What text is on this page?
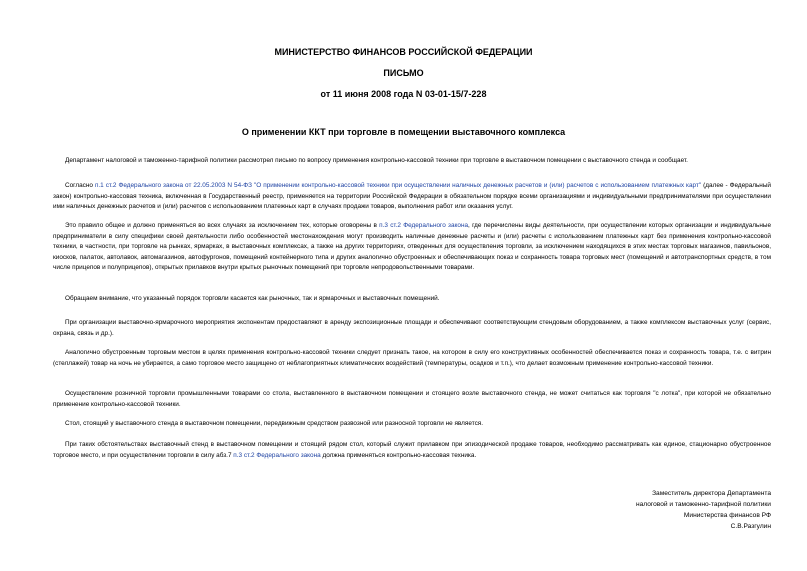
МИНИСТЕРСТВО ФИНАНСОВ РОССИЙСКОЙ ФЕДЕРАЦИИ
ПИСЬМО
от 11 июня 2008 года N 03-01-15/7-228
О применении ККТ при торговле в помещении выставочного комплекса
Департамент налоговой и таможенно-тарифной политики рассмотрел письмо по вопросу применения контрольно-кассовой техники при торговле в выставочном помещении с выставочного стенда и сообщает.
Согласно п.1 ст.2 Федерального закона от 22.05.2003 N 54-ФЗ "О применении контрольно-кассовой техники при осуществлении наличных денежных расчетов и (или) расчетов с использованием платежных карт" (далее - Федеральный закон) контрольно-кассовая техника, включенная в Государственный реестр, применяется на территории Российской Федерации в обязательном порядке всеми организациями и индивидуальными предпринимателями при осуществлении ими наличных денежных расчетов и (или) расчетов с использованием платежных карт в случаях продажи товаров, выполнения работ или оказания услуг.
Это правило общее и должно применяться во всех случаях за исключением тех, которые оговорены в п.3 ст.2 Федерального закона, где перечислены виды деятельности, при осуществлении которых организации и индивидуальные предприниматели в силу специфики своей деятельности либо особенностей местонахождения могут производить наличные денежные расчеты и (или) расчеты с использованием платежных карт без применения контрольно-кассовой техники, в частности, при торговле на рынках, ярмарках, в выставочных комплексах, а также на других территориях, отведенных для осуществления торговли, за исключением находящихся в этих местах торговых магазинов, павильонов, киосков, палаток, автолавок, автомагазинов, автофургонов, помещений контейнерного типа и других аналогично обустроенных и обеспечивающих показ и сохранность товара торговых мест (помещений и автотранспортных средств, в том числе прицепов и полуприцепов), открытых прилавков внутри крытых рыночных помещений при торговле непродовольственными товарами.
Обращаем внимание, что указанный порядок торговли касается как рыночных, так и ярмарочных и выставочных помещений.
При организации выставочно-ярмарочного мероприятия экспонентам предоставляют в аренду экспозиционные площади и обеспечивают соответствующим стендовым оборудованием, а также комплексом выставочных услуг (сервис, охрана, связь и др.).
Аналогично обустроенным торговым местом в целях применения контрольно-кассовой техники следует признать такое, на котором в силу его конструктивных особенностей обеспечивается показ и сохранность товара, т.е. с витрин (стеллажей) товар на ночь не убирается, а само торговое место защищено от неблагоприятных климатических воздействий (температуры, осадков и т.п.), что делает возможным применение контрольно-кассовой техники.
Осуществление розничной торговли промышленными товарами со стола, выставленного в выставочном помещении и стоящего возле выставочного стенда, не может считаться как торговля "с лотка", при которой не обязательно применение контрольно-кассовой техники.
Стол, стоящий у выставочного стенда в выставочном помещении, передвижным средством развозной или разносной торговли не является.
При таких обстоятельствах выставочный стенд в выставочном помещении и стоящий рядом стол, который служит прилавком при эпизодической продаже товаров, необходимо рассматривать как единое, стационарно обустроенное торговое место, и при осуществлении торговли в силу абз.7 п.3 ст.2 Федерального закона должна применяться контрольно-кассовая техника.
Заместитель директора Департамента
налоговой и таможенно-тарифной политики
Министерства финансов РФ
С.В.Разгулин
